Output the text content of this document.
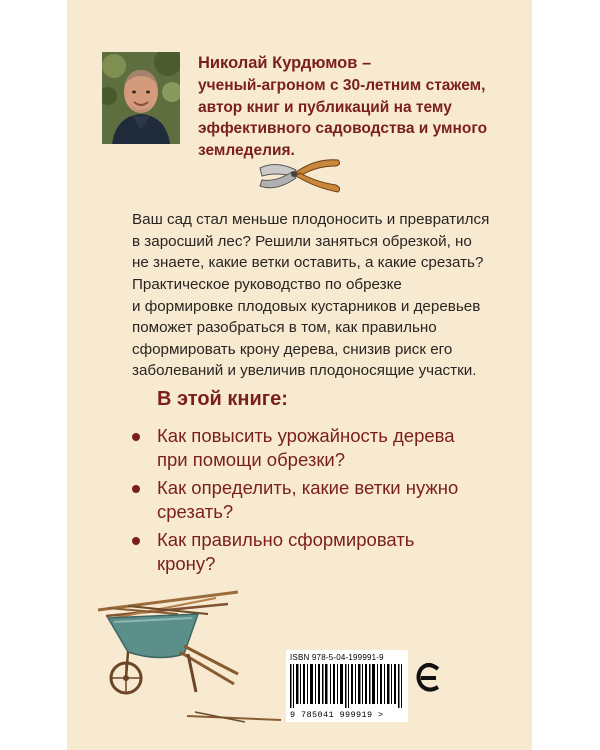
Николай Курдюмов –
ученый-агроном с 30-летним стажем,
автор книг и публикаций на тему
эффективного садоводства и умного
земледелия.
Ваш сад стал меньше плодоносить и превратился
в заросший лес? Решили заняться обрезкой, но
не знаете, какие ветки оставить, а какие срезать?
Практическое руководство по обрезке
и формировке плодовых кустарников и деревьев
поможет разобраться в том, как правильно
сформировать крону дерева, снизив риск его
заболеваний и увеличив плодоносящие участки.
В этой книге:
Как повысить урожайность дерева
при помощи обрезки?
Как определить, какие ветки нужно
срезать?
Как правильно сформировать
крону?
ISBN 978-5-04-199991-9
9 785041 999919 >
